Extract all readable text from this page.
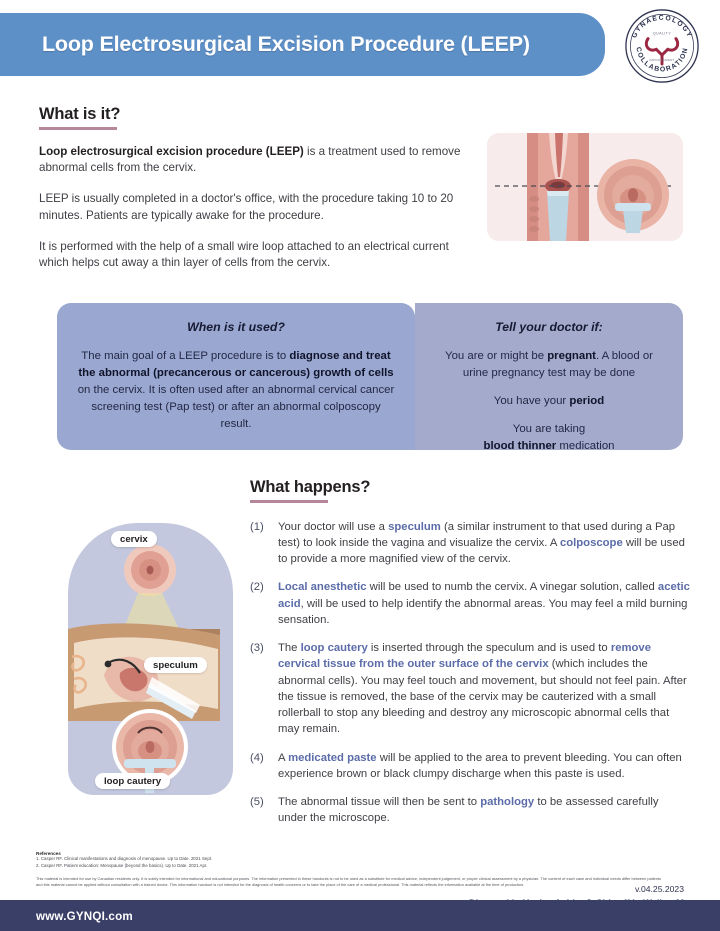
Loop Electrosurgical Excision Procedure (LEEP)	GYNAECOLOGY
COLLABORATION
QUALITY
IMPROVEMENT
What is it?
Loop electrosurgical excision procedure (LEEP) is a treatment used to remove abnormal cells from the cervix.
LEEP is usually completed in a doctor's office, with the procedure taking 10 to 20 minutes. Patients are typically awake for the procedure.
It is performed with the help of a small wire loop attached to an electrical current which helps cut away a thin layer of cells from the cervix.
When is it used?
The main goal of a LEEP procedure is to diagnose and treat the abnormal (precancerous or cancerous) growth of cells on the cervix. It is often used after an abnormal cervical cancer screening test (Pap test) or after an abnormal colposcopy result.
Tell your doctor if:
You are or might be pregnant. A blood or urine pregnancy test may be done
You have your period
You are taking
blood thinner medication
What happens?
(1)	Your doctor will use a speculum (a similar instrument to that used during a Pap test) to look inside the vagina and visualize the cervix. A colposcope will be used to provide a more magnified view of the cervix.
(2)	Local anesthetic will be used to numb the cervix. A vinegar solution, called acetic acid, will be used to help identify the abnormal areas. You may feel a mild burning sensation.
(3)	The loop cautery is inserted through the speculum and is used to remove cervical tissue from the outer surface of the cervix (which includes the abnormal cells). You may feel touch and movement, but should not feel pain. After the tissue is removed, the base of the cervix may be cauterized with a small rollerball to stop any bleeding and destroy any microscopic abnormal cells that may remain.
(4)	A medicated paste will be applied to the area to prevent bleeding. You can often experience brown or black clumpy discharge when this paste is used.
(5)	The abnormal tissue will then be sent to pathology to be assessed carefully under the microscope.
cervix
speculum
loop cautery
References
1. Casper RF. Clinical manifestations and diagnosis of menopause. Up to Date. 2021 Sept.
2. Casper RF. Patient education: Menopause (beyond the basics). Up to Date. 2021 Apr.
This material is intended for use by Canadian residents only. It is solely intended for informational and educational purposes. The information presented in these handouts is not to be used as a substitute for medical advice, independent judgement, or proper clinical assessment by a physician. The content of each case and individual needs differ between patients and this material cannot be applied without consultation with a trained doctor. This information handout is not intended for the diagnosis of health concerns or to take the place of the care of a medical professional. This material reflects the information available at the time of production.	v.04.25.2023
www.GYNQI.com
